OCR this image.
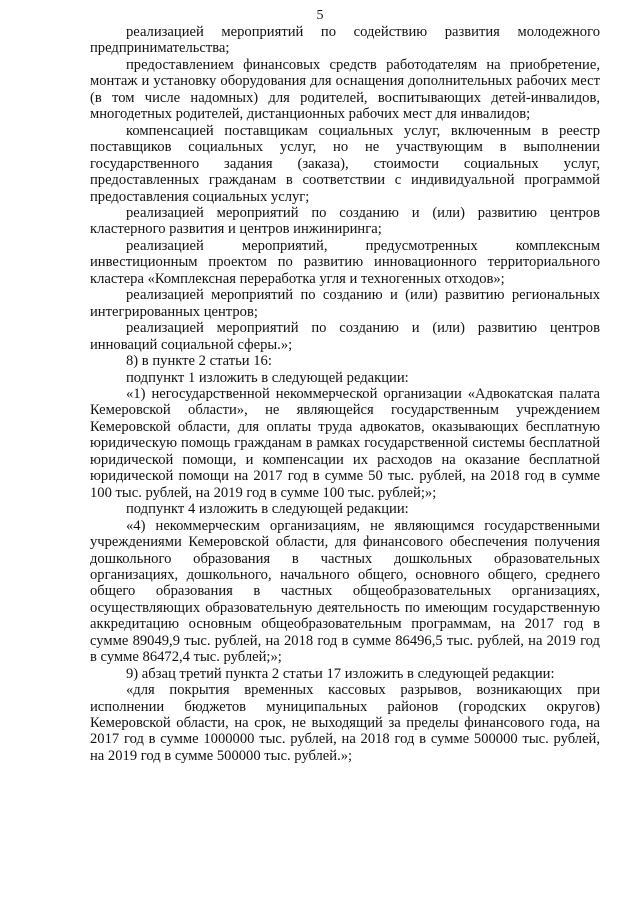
5

реализацией мероприятий по содействию развития молодежного предпринимательства;

предоставлением финансовых средств работодателям на приобретение, монтаж и установку оборудования для оснащения дополнительных рабочих мест (в том числе надомных) для родителей, воспитывающих детей-инвалидов, многодетных родителей, дистанционных рабочих мест для инвалидов;

компенсацией поставщикам социальных услуг, включенным в реестр поставщиков социальных услуг, но не участвующим в выполнении государственного задания (заказа), стоимости социальных услуг, предоставленных гражданам в соответствии с индивидуальной программой предоставления социальных услуг;

реализацией мероприятий по созданию и (или) развитию центров кластерного развития и центров инжиниринга;

реализацией мероприятий, предусмотренных комплексным инвестиционным проектом по развитию инновационного территориального кластера «Комплексная переработка угля и техногенных отходов»;

реализацией мероприятий по созданию и (или) развитию региональных интегрированных центров;

реализацией мероприятий по созданию и (или) развитию центров инноваций социальной сферы.»;

8) в пункте 2 статьи 16:

подпункт 1 изложить в следующей редакции:

«1) негосударственной некоммерческой организации «Адвокатская палата Кемеровской области», не являющейся государственным учреждением Кемеровской области, для оплаты труда адвокатов, оказывающих бесплатную юридическую помощь гражданам в рамках государственной системы бесплатной юридической помощи, и компенсации их расходов на оказание бесплатной юридической помощи на 2017 год в сумме 50 тыс. рублей, на 2018 год в сумме 100 тыс. рублей, на 2019 год в сумме 100 тыс. рублей;»;

подпункт 4 изложить в следующей редакции:

«4) некоммерческим организациям, не являющимся государственными учреждениями Кемеровской области, для финансового обеспечения получения дошкольного образования в частных дошкольных образовательных организациях, дошкольного, начального общего, основного общего, среднего общего образования в частных общеобразовательных организациях, осуществляющих образовательную деятельность по имеющим государственную аккредитацию основным общеобразовательным программам, на 2017 год в сумме 89049,9 тыс. рублей, на 2018 год в сумме 86496,5 тыс. рублей, на 2019 год в сумме 86472,4 тыс. рублей;»;

9) абзац третий пункта 2 статьи 17 изложить в следующей редакции:

«для покрытия временных кассовых разрывов, возникающих при исполнении бюджетов муниципальных районов (городских округов) Кемеровской области, на срок, не выходящий за пределы финансового года, на 2017 год в сумме 1000000 тыс. рублей, на 2018 год в сумме 500000 тыс. рублей, на 2019 год в сумме 500000 тыс. рублей.»;
